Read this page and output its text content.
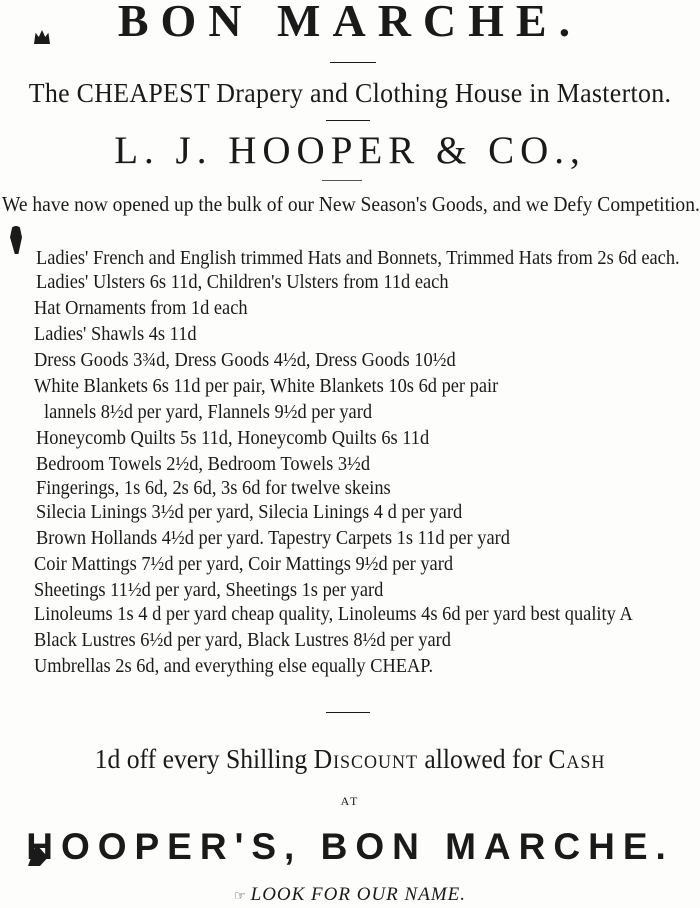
BON MARCHE.
The CHEAPEST Drapery and Clothing House in Masterton.
L. J. HOOPER & CO.,
We have now opened up the bulk of our New Season's Goods, and we Defy Competition.
Ladies' French and English trimmed Hats and Bonnets, Trimmed Hats from 2s 6d each.
Ladies' Ulsters 6s 11d, Children's Ulsters from 11d each
Hat Ornaments from 1d each
Ladies' Shawls 4s 11d
Dress Goods 3¾d, Dress Goods 4½d, Dress Goods 10½d
White Blankets 6s 11d per pair, White Blankets 10s 6d per pair
lannels 8½d per yard, Flannels 9½d per yard
Honeycomb Quilts 5s 11d, Honeycomb Quilts 6s 11d
Bedroom Towels 2½d, Bedroom Towels 3½d
Fingerings, 1s 6d, 2s 6d, 3s 6d for twelve skeins
Silecia Linings 3½d per yard, Silecia Linings 4 d per yard
Brown Hollands 4½d per yard. Tapestry Carpets 1s 11d per yard
Coir Mattings 7½d per yard, Coir Mattings 9½d per yard
Sheetings 11½d per yard, Sheetings 1s per yard
Linoleums 1s 4 d per yard cheap quality, Linoleums 4s 6d per yard best quality A
Black Lustres 6½d per yard, Black Lustres 8½d per yard
Umbrellas 2s 6d, and everything else equally CHEAP.
1d off every Shilling Discount allowed for Cash
AT
HOOPER'S, BON MARCHE.
☞ LOOK FOR OUR NAME.
